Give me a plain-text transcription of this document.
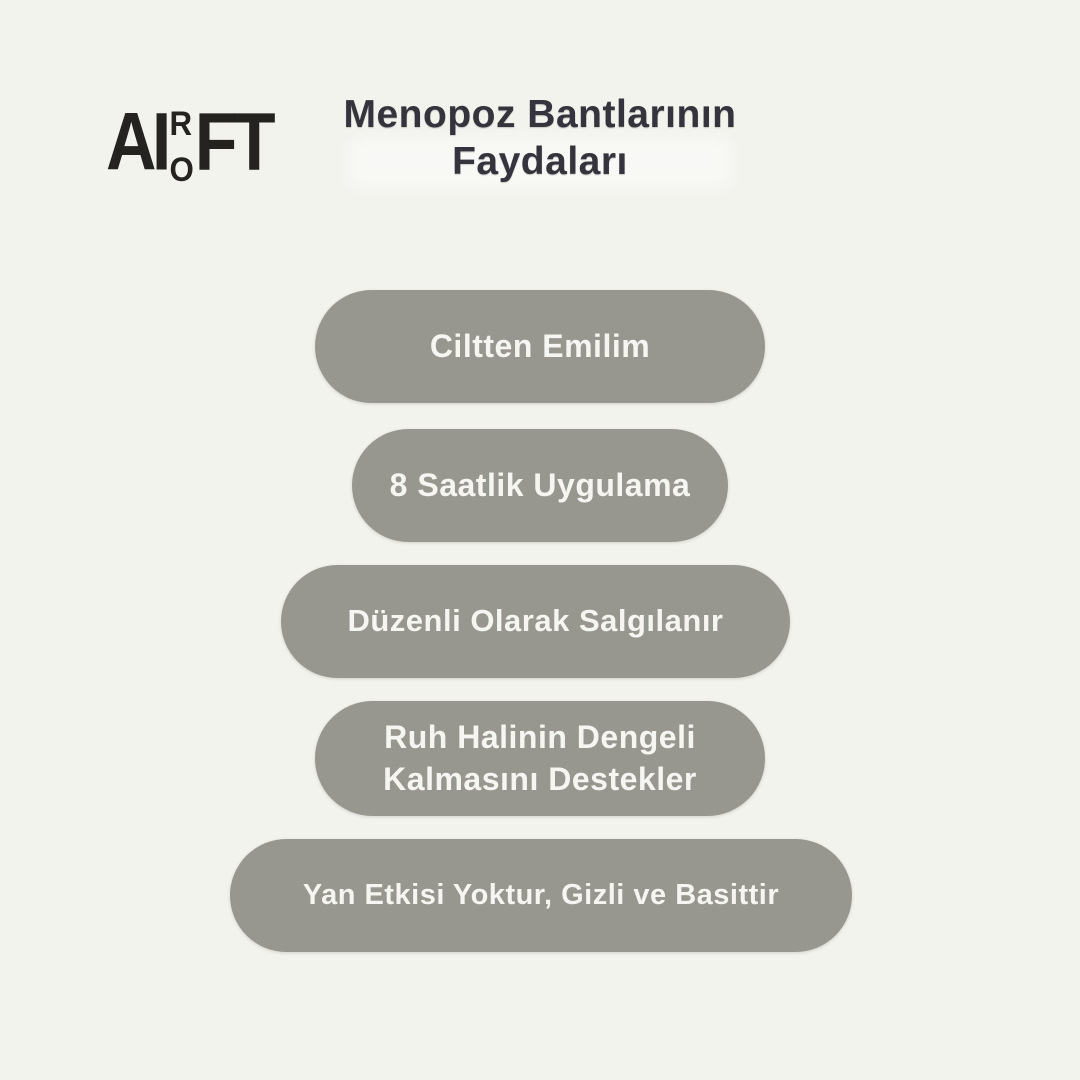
AI R
O FT	Menopoz Bantlarının
Faydaları
Ciltten Emilim
8 Saatlik Uygulama
Düzenli Olarak Salgılanır
Ruh Halinin Dengeli
Kalmasını Destekler
Yan Etkisi Yoktur, Gizli ve Basittir
